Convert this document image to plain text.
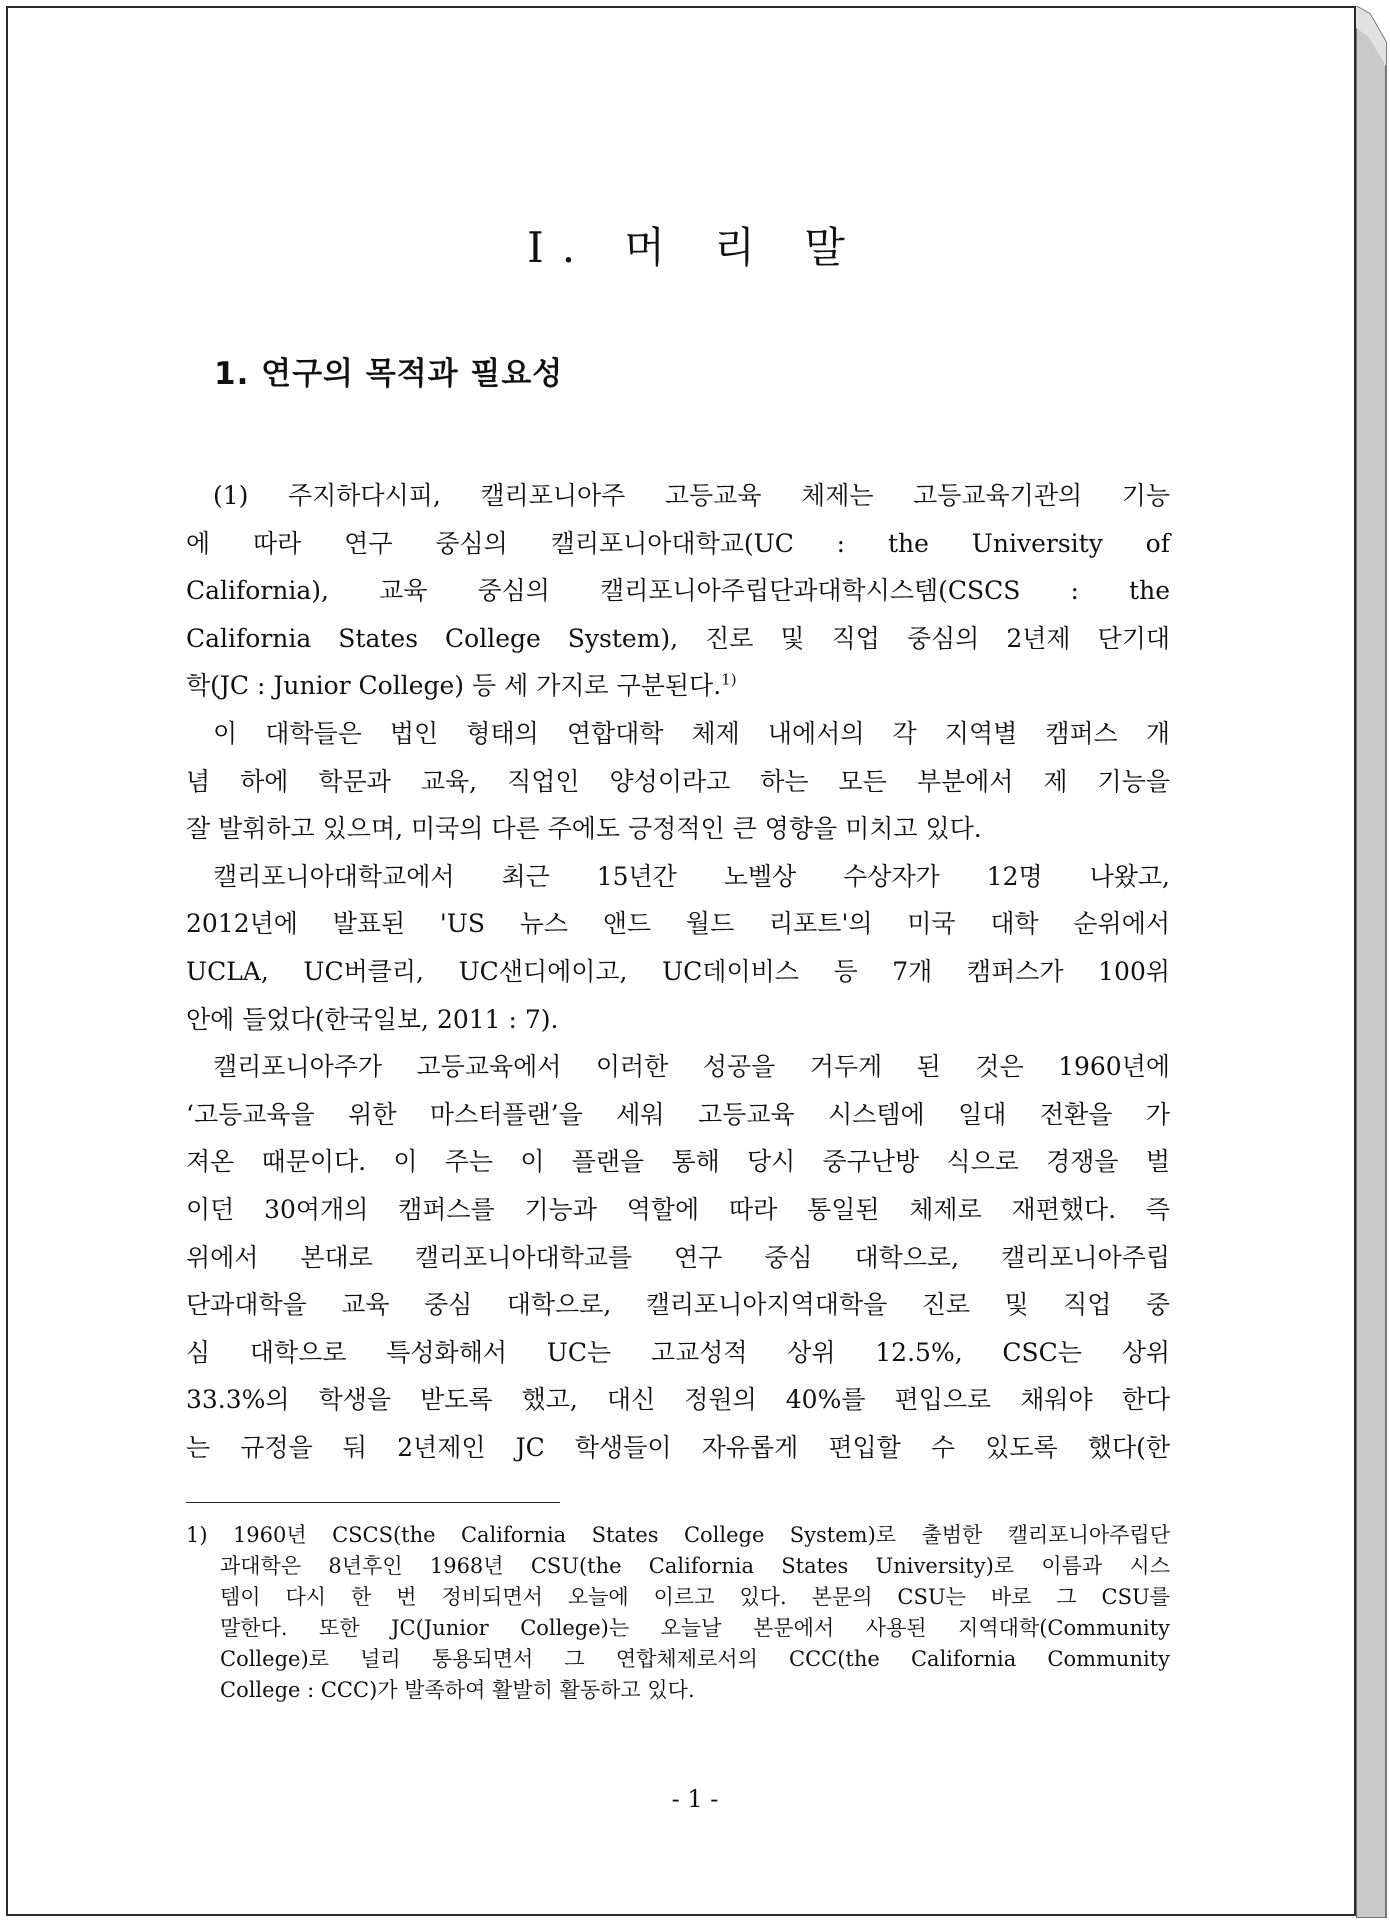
Ⅰ. 머 리 말
1. 연구의 목적과 필요성
(1) 주지하다시피, 캘리포니아주 고등교육 체제는 고등교육기관의 기능
에 따라 연구 중심의 캘리포니아대학교(UC : the University of
California), 교육 중심의 캘리포니아주립단과대학시스템(CSCS : the
California States College System), 진로 및 직업 중심의 2년제 단기대
학(JC : Junior College) 등 세 가지로 구분된다.$^{1)}$
이 대학들은 법인 형태의 연합대학 체제 내에서의 각 지역별 캠퍼스 개
념 하에 학문과 교육, 직업인 양성이라고 하는 모든 부분에서 제 기능을
잘 발휘하고 있으며, 미국의 다른 주에도 긍정적인 큰 영향을 미치고 있다.
캘리포니아대학교에서 최근 15년간 노벨상 수상자가 12명 나왔고,
2012년에 발표된 'US 뉴스 앤드 월드 리포트'의 미국 대학 순위에서
UCLA, UC버클리, UC샌디에이고, UC데이비스 등 7개 캠퍼스가 100위
안에 들었다(한국일보, 2011 : 7).
캘리포니아주가 고등교육에서 이러한 성공을 거두게 된 것은 1960년에
‘고등교육을 위한 마스터플랜’을 세워 고등교육 시스템에 일대 전환을 가
져온 때문이다. 이 주는 이 플랜을 통해 당시 중구난방 식으로 경쟁을 벌
이던 30여개의 캠퍼스를 기능과 역할에 따라 통일된 체제로 재편했다. 즉
위에서 본대로 캘리포니아대학교를 연구 중심 대학으로, 캘리포니아주립
단과대학을 교육 중심 대학으로, 캘리포니아지역대학을 진로 및 직업 중
심 대학으로 특성화해서 UC는 고교성적 상위 12.5%, CSC는 상위
33.3%의 학생을 받도록 했고, 대신 정원의 40%를 편입으로 채워야 한다
는 규정을 둬 2년제인 JC 학생들이 자유롭게 편입할 수 있도록 했다(한
1) 1960년 CSCS(the California States College System)로 출범한 캘리포니아주립단
과대학은 8년후인 1968년 CSU(the California States University)로 이름과 시스
템이 다시 한 번 정비되면서 오늘에 이르고 있다. 본문의 CSU는 바로 그 CSU를
말한다. 또한 JC(Junior College)는 오늘날 본문에서 사용된 지역대학(Community
College)로 널리 통용되면서 그 연합체제로서의 CCC(the California Community
College : CCC)가 발족하여 활발히 활동하고 있다.
- 1 -
